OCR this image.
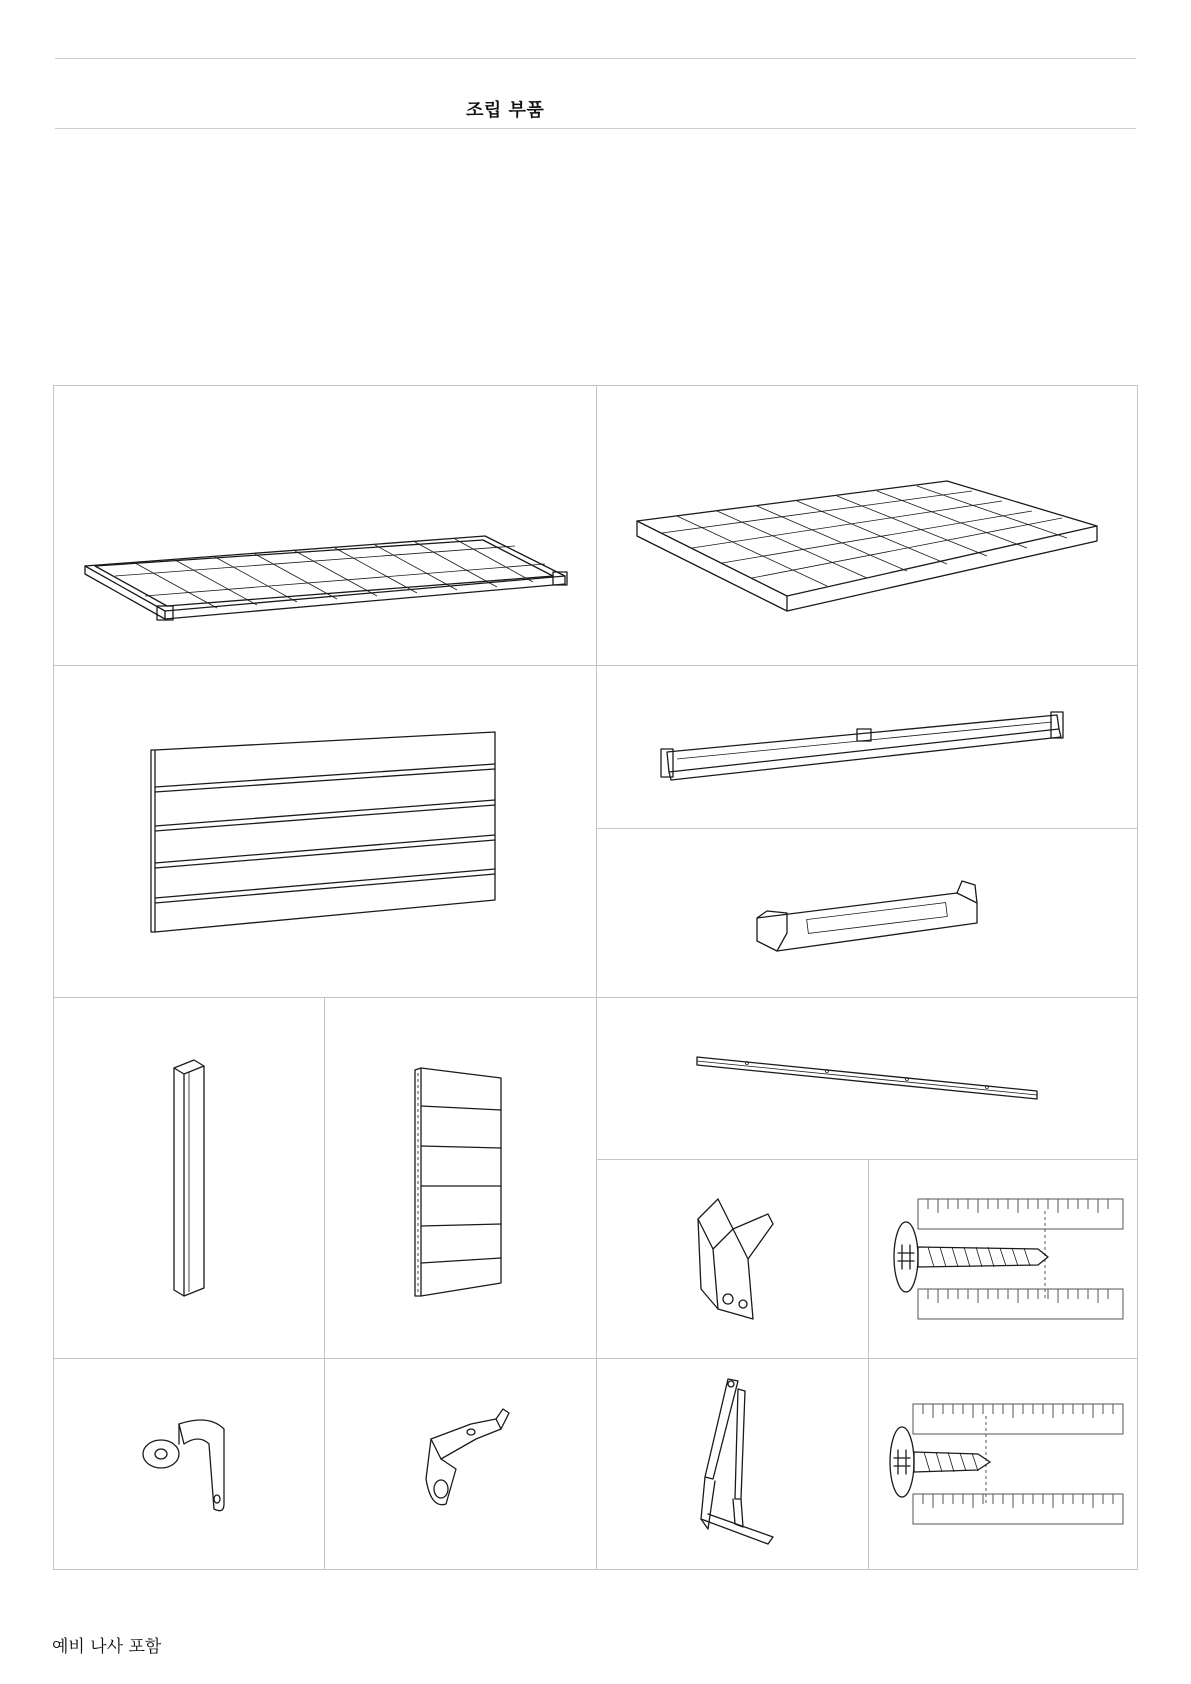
조립 부품
예비 나사 포함
